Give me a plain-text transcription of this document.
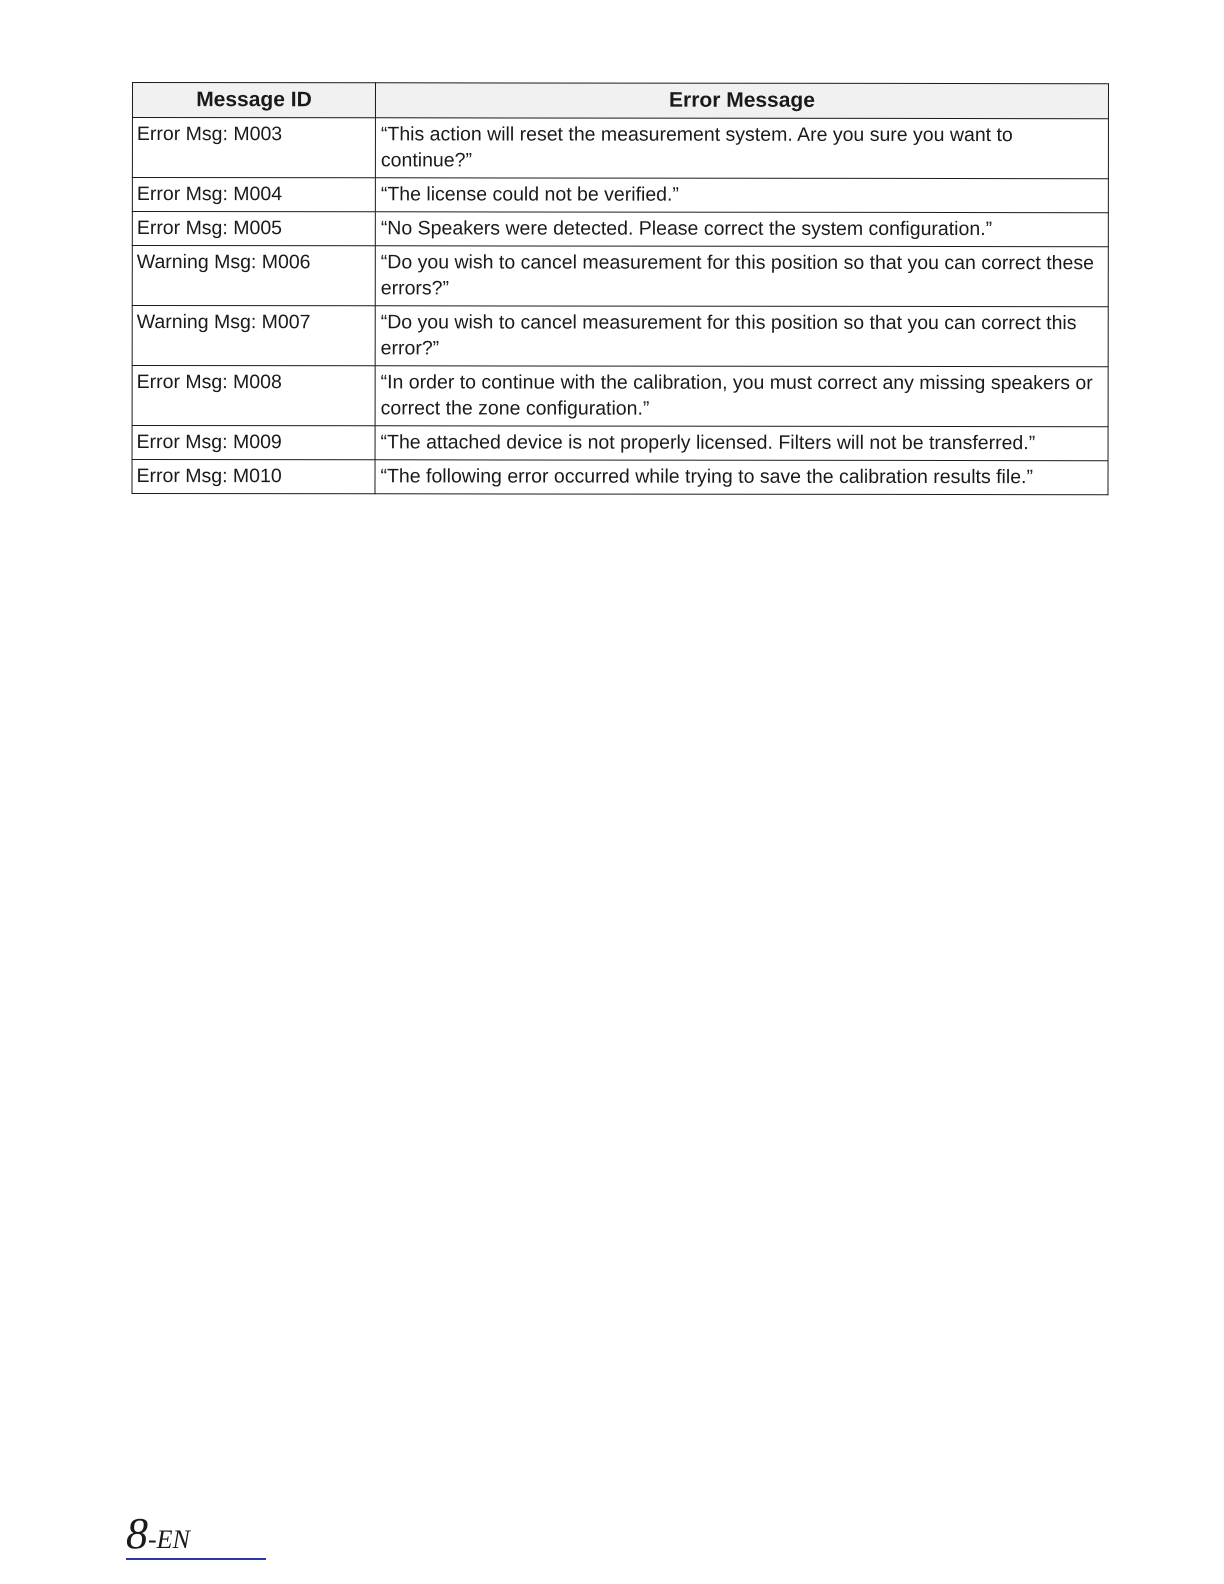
Message ID	Error Message
Error Msg: M003	“This action will reset the measurement system. Are you sure you want to continue?”
Error Msg: M004	“The license could not be verified.”
Error Msg: M005	“No Speakers were detected. Please correct the system configuration.”
Warning Msg: M006	“Do you wish to cancel measurement for this position so that you can correct these errors?”
Warning Msg: M007	“Do you wish to cancel measurement for this position so that you can correct this error?”
Error Msg: M008	“In order to continue with the calibration, you must correct any missing speakers or correct the zone configuration.”
Error Msg: M009	“The attached device is not properly licensed. Filters will not be transferred.”
Error Msg: M010	“The following error occurred while trying to save the calibration results file.”
8-EN
